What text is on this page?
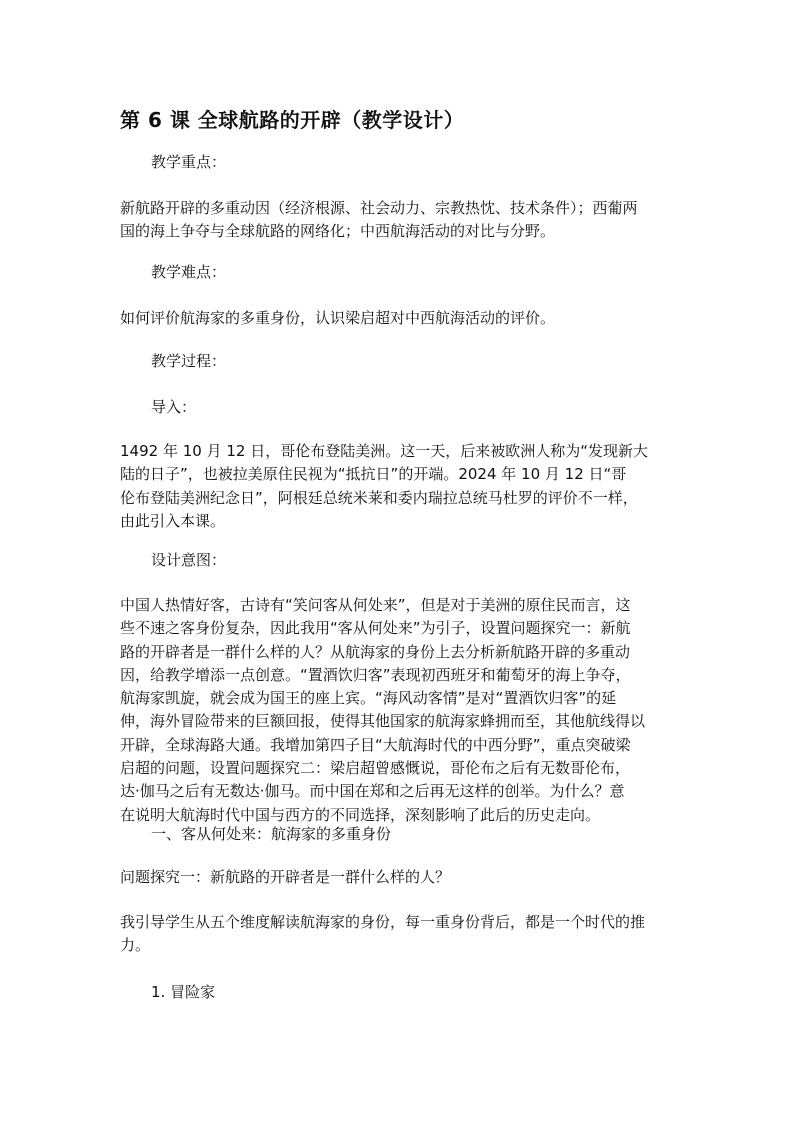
第 6 课 全球航路的开辟（教学设计）
教学重点：
新航路开辟的多重动因（经济根源、社会动力、宗教热忱、技术条件）；西葡两
国的海上争夺与全球航路的网络化；中西航海活动的对比与分野。
教学难点：
如何评价航海家的多重身份，认识梁启超对中西航海活动的评价。
教学过程：
导入：
1492 年 10 月 12 日，哥伦布登陆美洲。这一天，后来被欧洲人称为“发现新大
陆的日子”，也被拉美原住民视为“抵抗日”的开端。2024 年 10 月 12 日“哥
伦布登陆美洲纪念日”，阿根廷总统米莱和委内瑞拉总统马杜罗的评价不一样，
由此引入本课。
设计意图：
中国人热情好客，古诗有“笑问客从何处来”，但是对于美洲的原住民而言，这
些不速之客身份复杂，因此我用“客从何处来”为引子，设置问题探究一：新航
路的开辟者是一群什么样的人？从航海家的身份上去分析新航路开辟的多重动
因，给教学增添一点创意。“置酒饮归客”表现初西班牙和葡萄牙的海上争夺，
航海家凯旋，就会成为国王的座上宾。“海风动客情”是对“置酒饮归客”的延
伸，海外冒险带来的巨额回报，使得其他国家的航海家蜂拥而至，其他航线得以
开辟，全球海路大通。我增加第四子目“大航海时代的中西分野”，重点突破梁
启超的问题，设置问题探究二：梁启超曾感慨说，哥伦布之后有无数哥伦布，
达·伽马之后有无数达·伽马。而中国在郑和之后再无这样的创举。为什么？意
在说明大航海时代中国与西方的不同选择，深刻影响了此后的历史走向。
一、客从何处来：航海家的多重身份
问题探究一：新航路的开辟者是一群什么样的人？
我引导学生从五个维度解读航海家的身份，每一重身份背后，都是一个时代的推
力。
1. 冒险家
